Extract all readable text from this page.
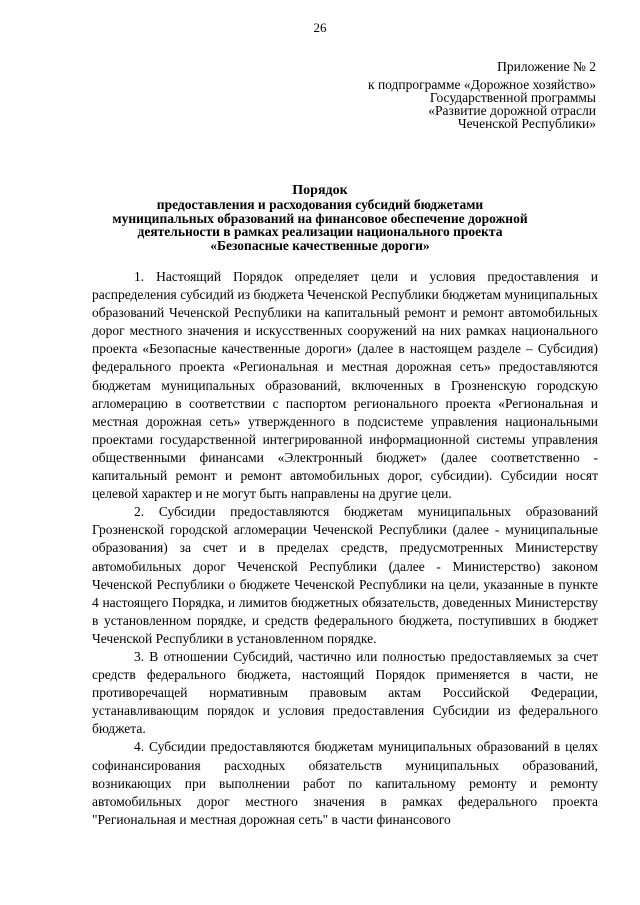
26
Приложение № 2
к подпрограмме «Дорожное хозяйство»
Государственной программы
«Развитие дорожной отрасли
Чеченской Республики»
Порядок
предоставления и расходования субсидий бюджетами муниципальных образований на финансовое обеспечение дорожной деятельности в рамках реализации национального проекта «Безопасные качественные дороги»

1. Настоящий Порядок определяет цели и условия предоставления и распределения субсидий из бюджета Чеченской Республики бюджетам муниципальных образований Чеченской Республики на капитальный ремонт и ремонт автомобильных дорог местного значения и искусственных сооружений на них рамках национального проекта «Безопасные качественные дороги» (далее в настоящем разделе – Субсидия) федерального проекта «Региональная и местная дорожная сеть» предоставляются бюджетам муниципальных образований, включенных в Грозненскую городскую агломерацию в соответствии с паспортом регионального проекта «Региональная и местная дорожная сеть» утвержденного в подсистеме управления национальными проектами государственной интегрированной информационной системы управления общественными финансами «Электронный бюджет» (далее соответственно - капитальный ремонт и ремонт автомобильных дорог, субсидии). Субсидии носят целевой характер и не могут быть направлены на другие цели.

2. Субсидии предоставляются бюджетам муниципальных образований Грозненской городской агломерации Чеченской Республики (далее - муниципальные образования) за счет и в пределах средств, предусмотренных Министерству автомобильных дорог Чеченской Республики (далее - Министерство) законом Чеченской Республики о бюджете Чеченской Республики на цели, указанные в пункте 4 настоящего Порядка, и лимитов бюджетных обязательств, доведенных Министерству в установленном порядке, и средств федерального бюджета, поступивших в бюджет Чеченской Республики в установленном порядке.

3. В отношении Субсидий, частично или полностью предоставляемых за счет средств федерального бюджета, настоящий Порядок применяется в части, не противоречащей нормативным правовым актам Российской Федерации, устанавливающим порядок и условия предоставления Субсидии из федерального бюджета.

4. Субсидии предоставляются бюджетам муниципальных образований в целях софинансирования расходных обязательств муниципальных образований, возникающих при выполнении работ по капитальному ремонту и ремонту автомобильных дорог местного значения в рамках федерального проекта "Региональная и местная дорожная сеть" в части финансового
